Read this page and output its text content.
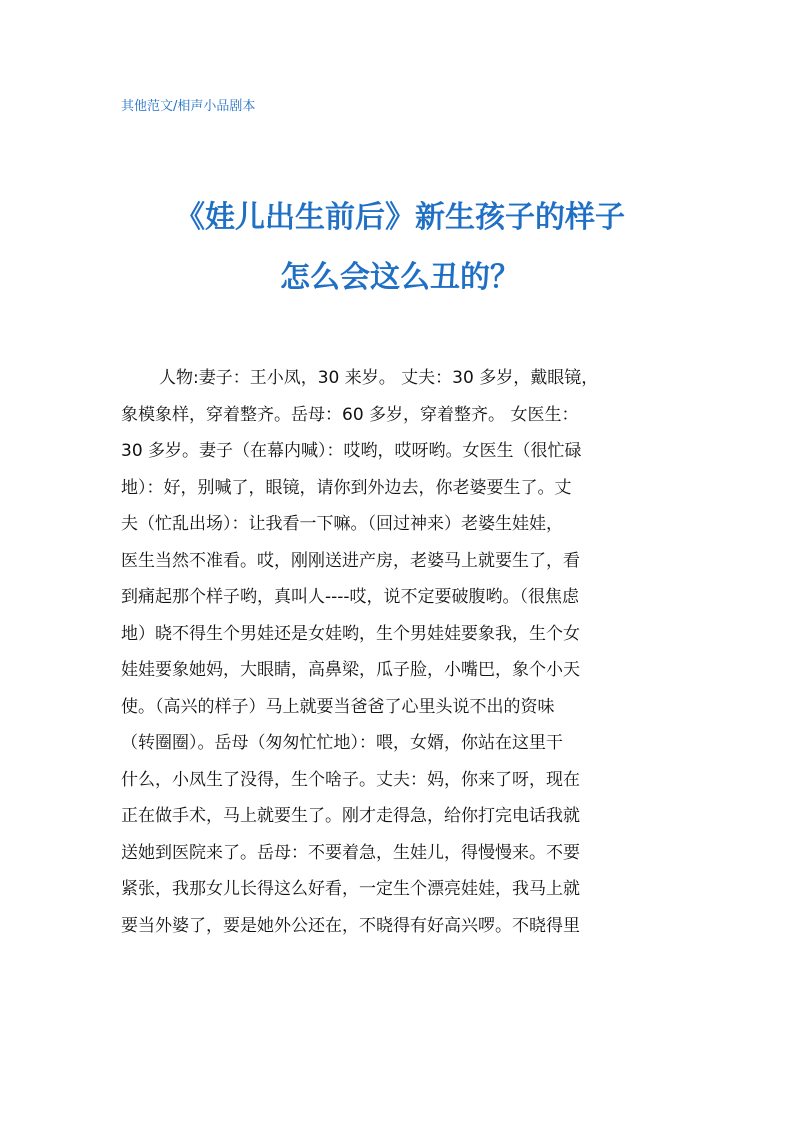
其他范文/相声小品剧本
《娃儿出生前后》新生孩子的样子
怎么会这么丑的？
人物:妻子：王小凤，30 来岁。 丈夫：30 多岁，戴眼镜，
象模象样，穿着整齐。岳母：60 多岁，穿着整齐。 女医生：
30 多岁。妻子（在幕内喊）：哎哟，哎呀哟。女医生（很忙碌
地）：好，别喊了，眼镜，请你到外边去，你老婆要生了。丈
夫（忙乱出场）：让我看一下嘛。（回过神来）老婆生娃娃，
医生当然不准看。哎，刚刚送进产房，老婆马上就要生了，看
到痛起那个样子哟，真叫人----哎，说不定要破腹哟。（很焦虑
地）晓不得生个男娃还是女娃哟，生个男娃娃要象我，生个女
娃娃要象她妈，大眼睛，高鼻梁，瓜子脸，小嘴巴，象个小天
使。（高兴的样子）马上就要当爸爸了心里头说不出的资味
（转圈圈）。岳母（匆匆忙忙地）：喂，女婿，你站在这里干
什么，小凤生了没得，生个啥子。丈夫：妈，你来了呀，现在
正在做手术，马上就要生了。刚才走得急，给你打完电话我就
送她到医院来了。岳母：不要着急，生娃儿，得慢慢来。不要
紧张，我那女儿长得这么好看，一定生个漂亮娃娃，我马上就
要当外婆了，要是她外公还在，不晓得有好高兴啰。不晓得里
